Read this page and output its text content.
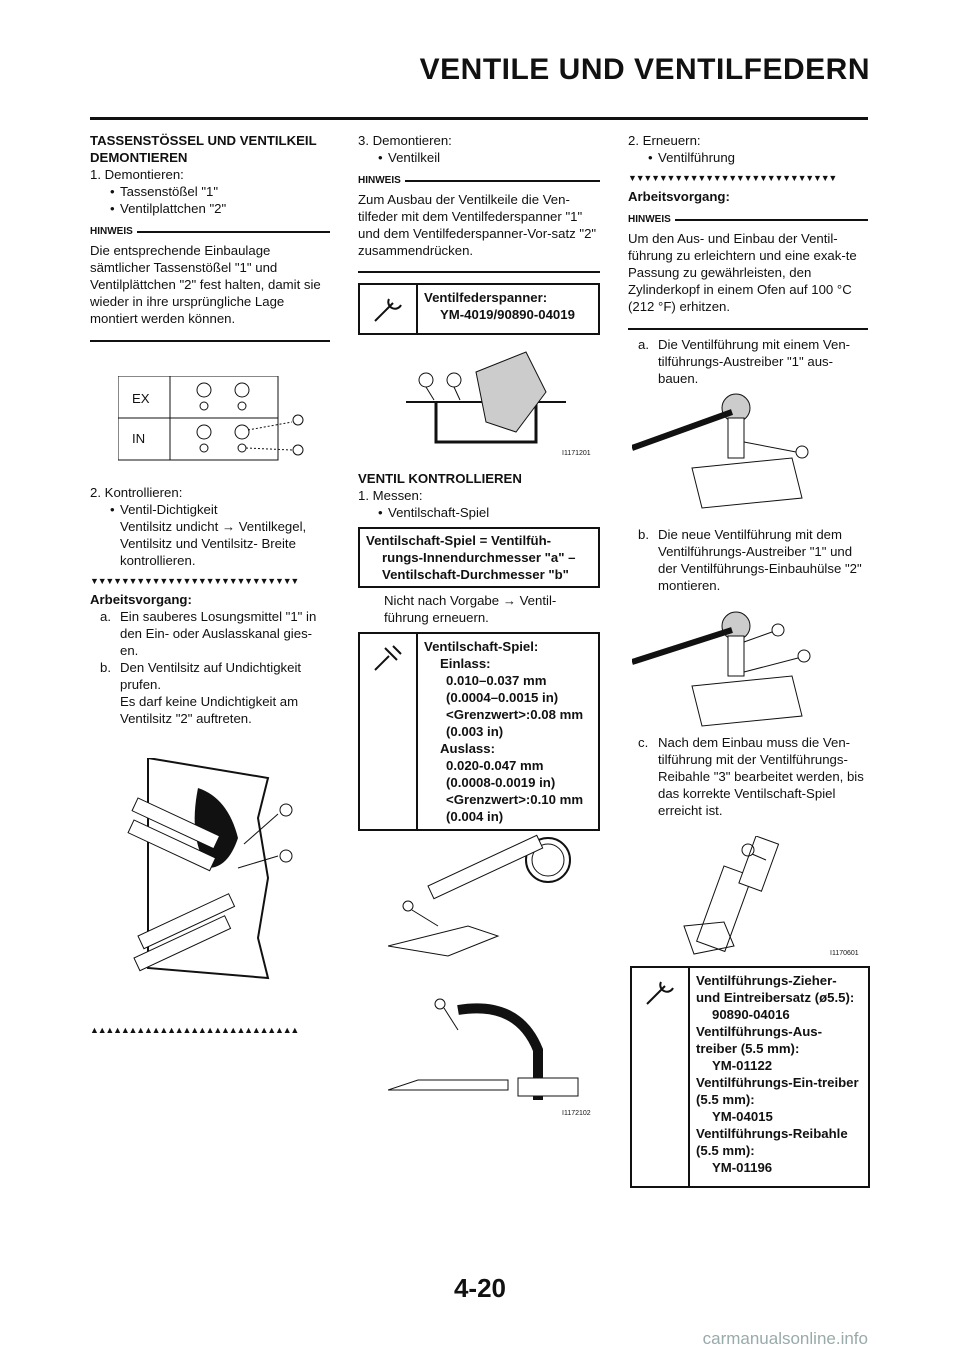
VENTILE UND VENTILFEDERN

TASSENSTÖSSEL UND VENTILKEIL DEMONTIEREN

1. Demontieren:

• Tassenstößel "1"

• Ventilplattchen "2"

HINWEIS
Die entsprechende Einbaulage sämtlicher Tassenstößel "1" und Ventilplättchen "2" fest halten, damit sie wieder in ihre ursprüngliche Lage montiert werden können.
EX
IN

2. Kontrollieren:

• Ventil-Dichtigkeit

Ventilsitz undicht → Ventilkegel, Ventilsitz und Ventilsitz- Breite kontrollieren.

▼▼▼▼▼▼▼▼▼▼▼▼▼▼▼▼▼▼▼▼▼▼▼▼▼▼▼

Arbeitsvorgang:

a. Ein sauberes Losungsmittel "1" in den Ein- oder Auslasskanal gies-en.

b. Den Ventilsitz auf Undichtigkeit prufen.

Es darf keine Undichtigkeit am Ventilsitz "2" auftreten.

▲▲▲▲▲▲▲▲▲▲▲▲▲▲▲▲▲▲▲▲▲▲▲▲▲▲▲

3. Demontieren:

• Ventilkeil

HINWEIS
Zum Ausbau der Ventilkeile die Ven-tilfeder mit dem Ventilfederspanner "1" und dem Ventilfederspanner-Vor-satz "2" zusammendrücken.

Ventilfederspanner:

YM-4019/90890-04019

I1171201

VENTIL KONTROLLIEREN

1. Messen:

• Ventilschaft-Spiel

Ventilschaft-Spiel = Ventilfüh-

rungs-Innendurchmesser "a" –

Ventilschaft-Durchmesser "b"

Nicht nach Vorgabe → Ventil-führung erneuern.

Ventilschaft-Spiel:

Einlass:

0.010–0.037 mm

(0.0004–0.0015 in)

<Grenzwert>:0.08 mm

(0.003 in)

Auslass:

0.020-0.047 mm

(0.0008-0.0019 in)

<Grenzwert>:0.10 mm

(0.004 in)

I1172102

2. Erneuern:

• Ventilführung

▼▼▼▼▼▼▼▼▼▼▼▼▼▼▼▼▼▼▼▼▼▼▼▼▼▼▼

Arbeitsvorgang:

HINWEIS
Um den Aus- und Einbau der Ventil-führung zu erleichtern und eine exak-te Passung zu gewährleisten, den Zylinderkopf in einem Ofen auf 100 °C (212 °F) erhitzen.

a. Die Ventilführung mit einem Ven-tilführungs-Austreiber "1" aus-bauen.

b. Die neue Ventilführung mit dem Ventilführungs-Austreiber "1" und der Ventilführungs-Einbauhülse "2" montieren.

c. Nach dem Einbau muss die Ven-tilführung mit der Ventilführungs-Reibahle "3" bearbeitet werden, bis das korrekte Ventilschaft-Spiel erreicht ist.

I1170601

Ventilführungs-Zieher- und Eintreibersatz (ø5.5):

90890-04016

Ventilführungs-Aus-treiber (5.5 mm):

YM-01122

Ventilführungs-Ein-treiber (5.5 mm):

YM-04015

Ventilführungs-Reibahle (5.5 mm):

YM-01196

4-20
carmanualsonline.info
